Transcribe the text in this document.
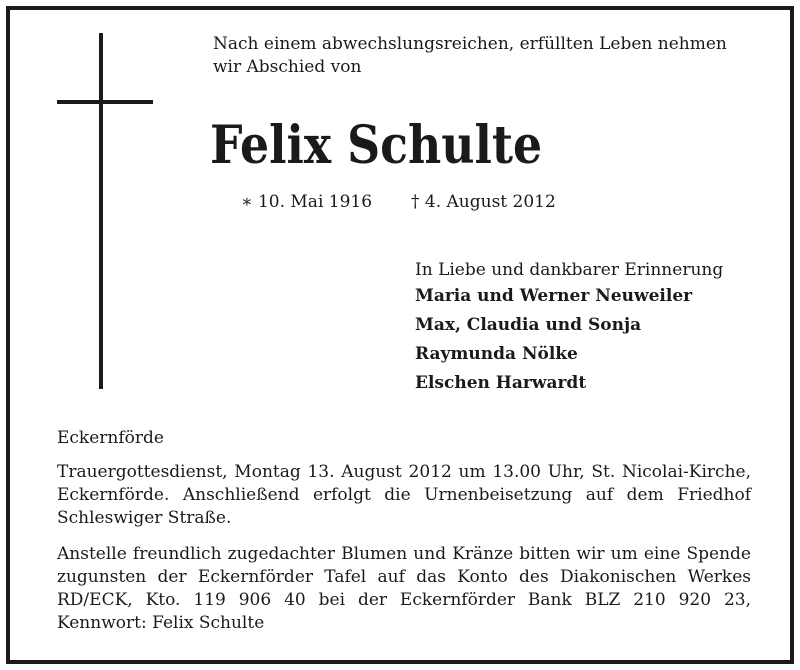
Nach einem abwechslungsreichen, erfüllten Leben nehmen wir Abschied von
Felix Schulte
∗ 10. Mai 1916 † 4. August 2012
In Liebe und dankbarer Erinnerung
Maria und Werner Neuweiler
Max, Claudia und Sonja
Raymunda Nölke
Elschen Harwardt
Eckernförde
Trauergottesdienst, Montag 13. August 2012 um 13.00 Uhr, St. Nicolai-Kirche, Eckernförde. Anschließend erfolgt die Urnenbeisetzung auf dem Friedhof Schleswiger Straße.
Anstelle freundlich zugedachter Blumen und Kränze bitten wir um eine Spende zugunsten der Eckernförder Tafel auf das Konto des Diakonischen Werkes RD/ECK, Kto. 119 906 40 bei der Eckernförder Bank BLZ 210 920 23, Kennwort: Felix Schulte
